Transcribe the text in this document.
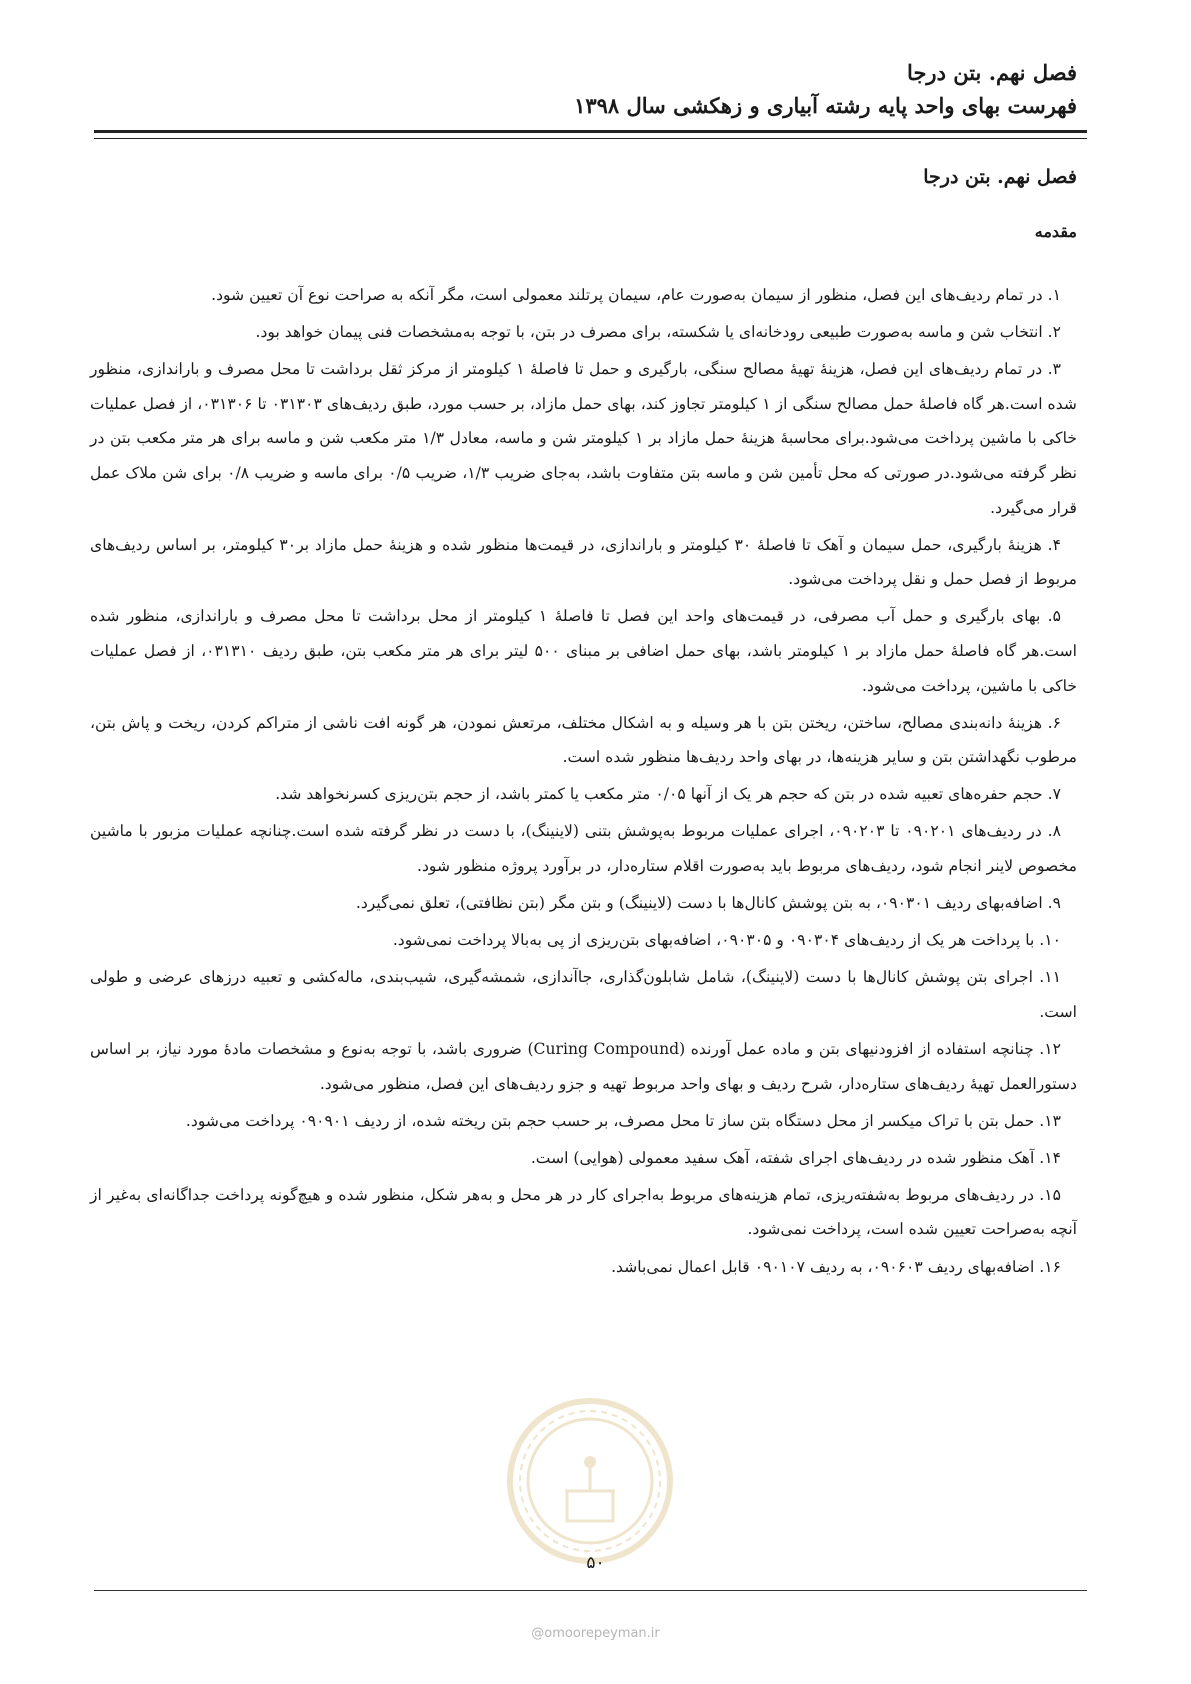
فصل نهم. بتن درجا
فهرست بهای واحد پایه رشته آبیاری و زهکشی سال ۱۳۹۸
فصل نهم. بتن درجا
مقدمه

۱. در تمام ردیف‌های این فصل، منظور از سیمان به‌صورت عام، سیمان پرتلند معمولی است، مگر آنکه به صراحت نوع آن تعیین شود.

۲. انتخاب شن و ماسه به‌صورت طبیعی رودخانه‌ای یا شکسته، برای مصرف در بتن، با توجه به‌مشخصات فنی پیمان خواهد بود.

۳. در تمام ردیف‌های این فصل، هزینهٔ تهیهٔ مصالح سنگی، بارگیری و حمل تا فاصلهٔ ۱ کیلومتر از مرکز ثقل برداشت تا محل مصرف و باراندازی، منظور شده است.هر گاه فاصلهٔ حمل مصالح سنگی از ۱ کیلومتر تجاوز کند، بهای حمل مازاد، بر حسب مورد، طبق ردیف‌های ۰۳۱۳۰۳ تا ۰۳۱۳۰۶، از فصل عملیات خاکی با ماشین پرداخت می‌شود.برای محاسبهٔ هزینهٔ حمل مازاد بر ۱ کیلومتر شن و ماسه، معادل ۱/۳ متر مکعب شن و ماسه برای هر متر مکعب بتن در نظر گرفته می‌شود.در صورتی که محل تأمین شن و ماسه بتن متفاوت باشد، به‌جای ضریب ۱/۳، ضریب ۰/۵ برای ماسه و ضریب ۰/۸ برای شن ملاک عمل قرار می‌گیرد.

۴. هزینهٔ بارگیری، حمل سیمان و آهک تا فاصلهٔ ۳۰ کیلومتر و باراندازی، در قیمت‌ها منظور شده و هزینهٔ حمل مازاد بر۳۰ کیلومتر، بر اساس ردیف‌های مربوط از فصل حمل و نقل پرداخت می‌شود.

۵. بهای بارگیری و حمل آب مصرفی، در قیمت‌های واحد این فصل تا فاصلهٔ ۱ کیلومتر از محل برداشت تا محل مصرف و باراندازی، منظور شده است.هر گاه فاصلهٔ حمل مازاد بر ۱ کیلومتر باشد، بهای حمل اضافی بر مبنای ۵۰۰ لیتر برای هر متر مکعب بتن، طبق ردیف ۰۳۱۳۱۰، از فصل عملیات خاکی با ماشین، پرداخت می‌شود.

۶. هزینهٔ دانه‌بندی مصالح، ساختن، ریختن بتن با هر وسیله و به اشکال مختلف، مرتعش نمودن، هر گونه افت ناشی از متراکم کردن، ریخت و پاش بتن، مرطوب نگهداشتن بتن و سایر هزینه‌ها، در بهای واحد ردیف‌ها منظور شده است.

۷. حجم حفره‌های تعبیه شده در بتن که حجم هر یک از آنها ۰/۰۵ متر مکعب یا کمتر باشد، از حجم بتن‌ریزی کسرنخواهد شد.

۸. در ردیف‌های ۰۹۰۲۰۱ تا ۰۹۰۲۰۳، اجرای عملیات مربوط به‌پوشش بتنی (لاینینگ)، با دست در نظر گرفته شده است.چنانچه عملیات مزبور با ماشین مخصوص لاینر انجام شود، ردیف‌های مربوط باید به‌صورت اقلام ستاره‌دار، در برآورد پروژه منظور شود.

۹. اضافه‌بهای ردیف ۰۹۰۳۰۱، به بتن پوشش کانال‌ها با دست (لاینینگ) و بتن مگر (بتن نظافتی)، تعلق نمی‌گیرد.

۱۰. با پرداخت هر یک از ردیف‌های ۰۹۰۳۰۴ و ۰۹۰۳۰۵، اضافه‌بهای بتن‌ریزی از پی به‌بالا پرداخت نمی‌شود.

۱۱. اجرای بتن پوشش کانال‌ها با دست (لاینینگ)، شامل شابلون‌گذاری، جاآندازی، شمشه‌گیری، شیب‌بندی، ماله‌کشی و تعبیه درزهای عرضی و طولی است.

۱۲. چنانچه استفاده از افزودنیهای بتن و ماده عمل آورنده (Curing Compound) ضروری باشد، با توجه به‌نوع و مشخصات مادهٔ مورد نیاز، بر اساس دستورالعمل تهیهٔ ردیف‌های ستاره‌دار، شرح ردیف و بهای واحد مربوط تهیه و جزو ردیف‌های این فصل، منظور می‌شود.

۱۳. حمل بتن با تراک میکسر از محل دستگاه بتن ساز تا محل مصرف، بر حسب حجم بتن ریخته شده، از ردیف ۰۹۰۹۰۱ پرداخت می‌شود.

۱۴. آهک منظور شده در ردیف‌های اجرای شفته، آهک سفید معمولی (هوایی) است.

۱۵. در ردیف‌های مربوط به‌شفته‌ریزی، تمام هزینه‌های مربوط به‌اجرای کار در هر محل و به‌هر شکل، منظور شده و هیچ‌گونه پرداخت جداگانه‌ای به‌غیر از آنچه به‌صراحت تعیین شده است، پرداخت نمی‌شود.

۱۶. اضافه‌بهای ردیف ۰۹۰۶۰۳، به ردیف ۰۹۰۱۰۷ قابل اعمال نمی‌باشد.

۵۰
@omoorepeyman.ir
